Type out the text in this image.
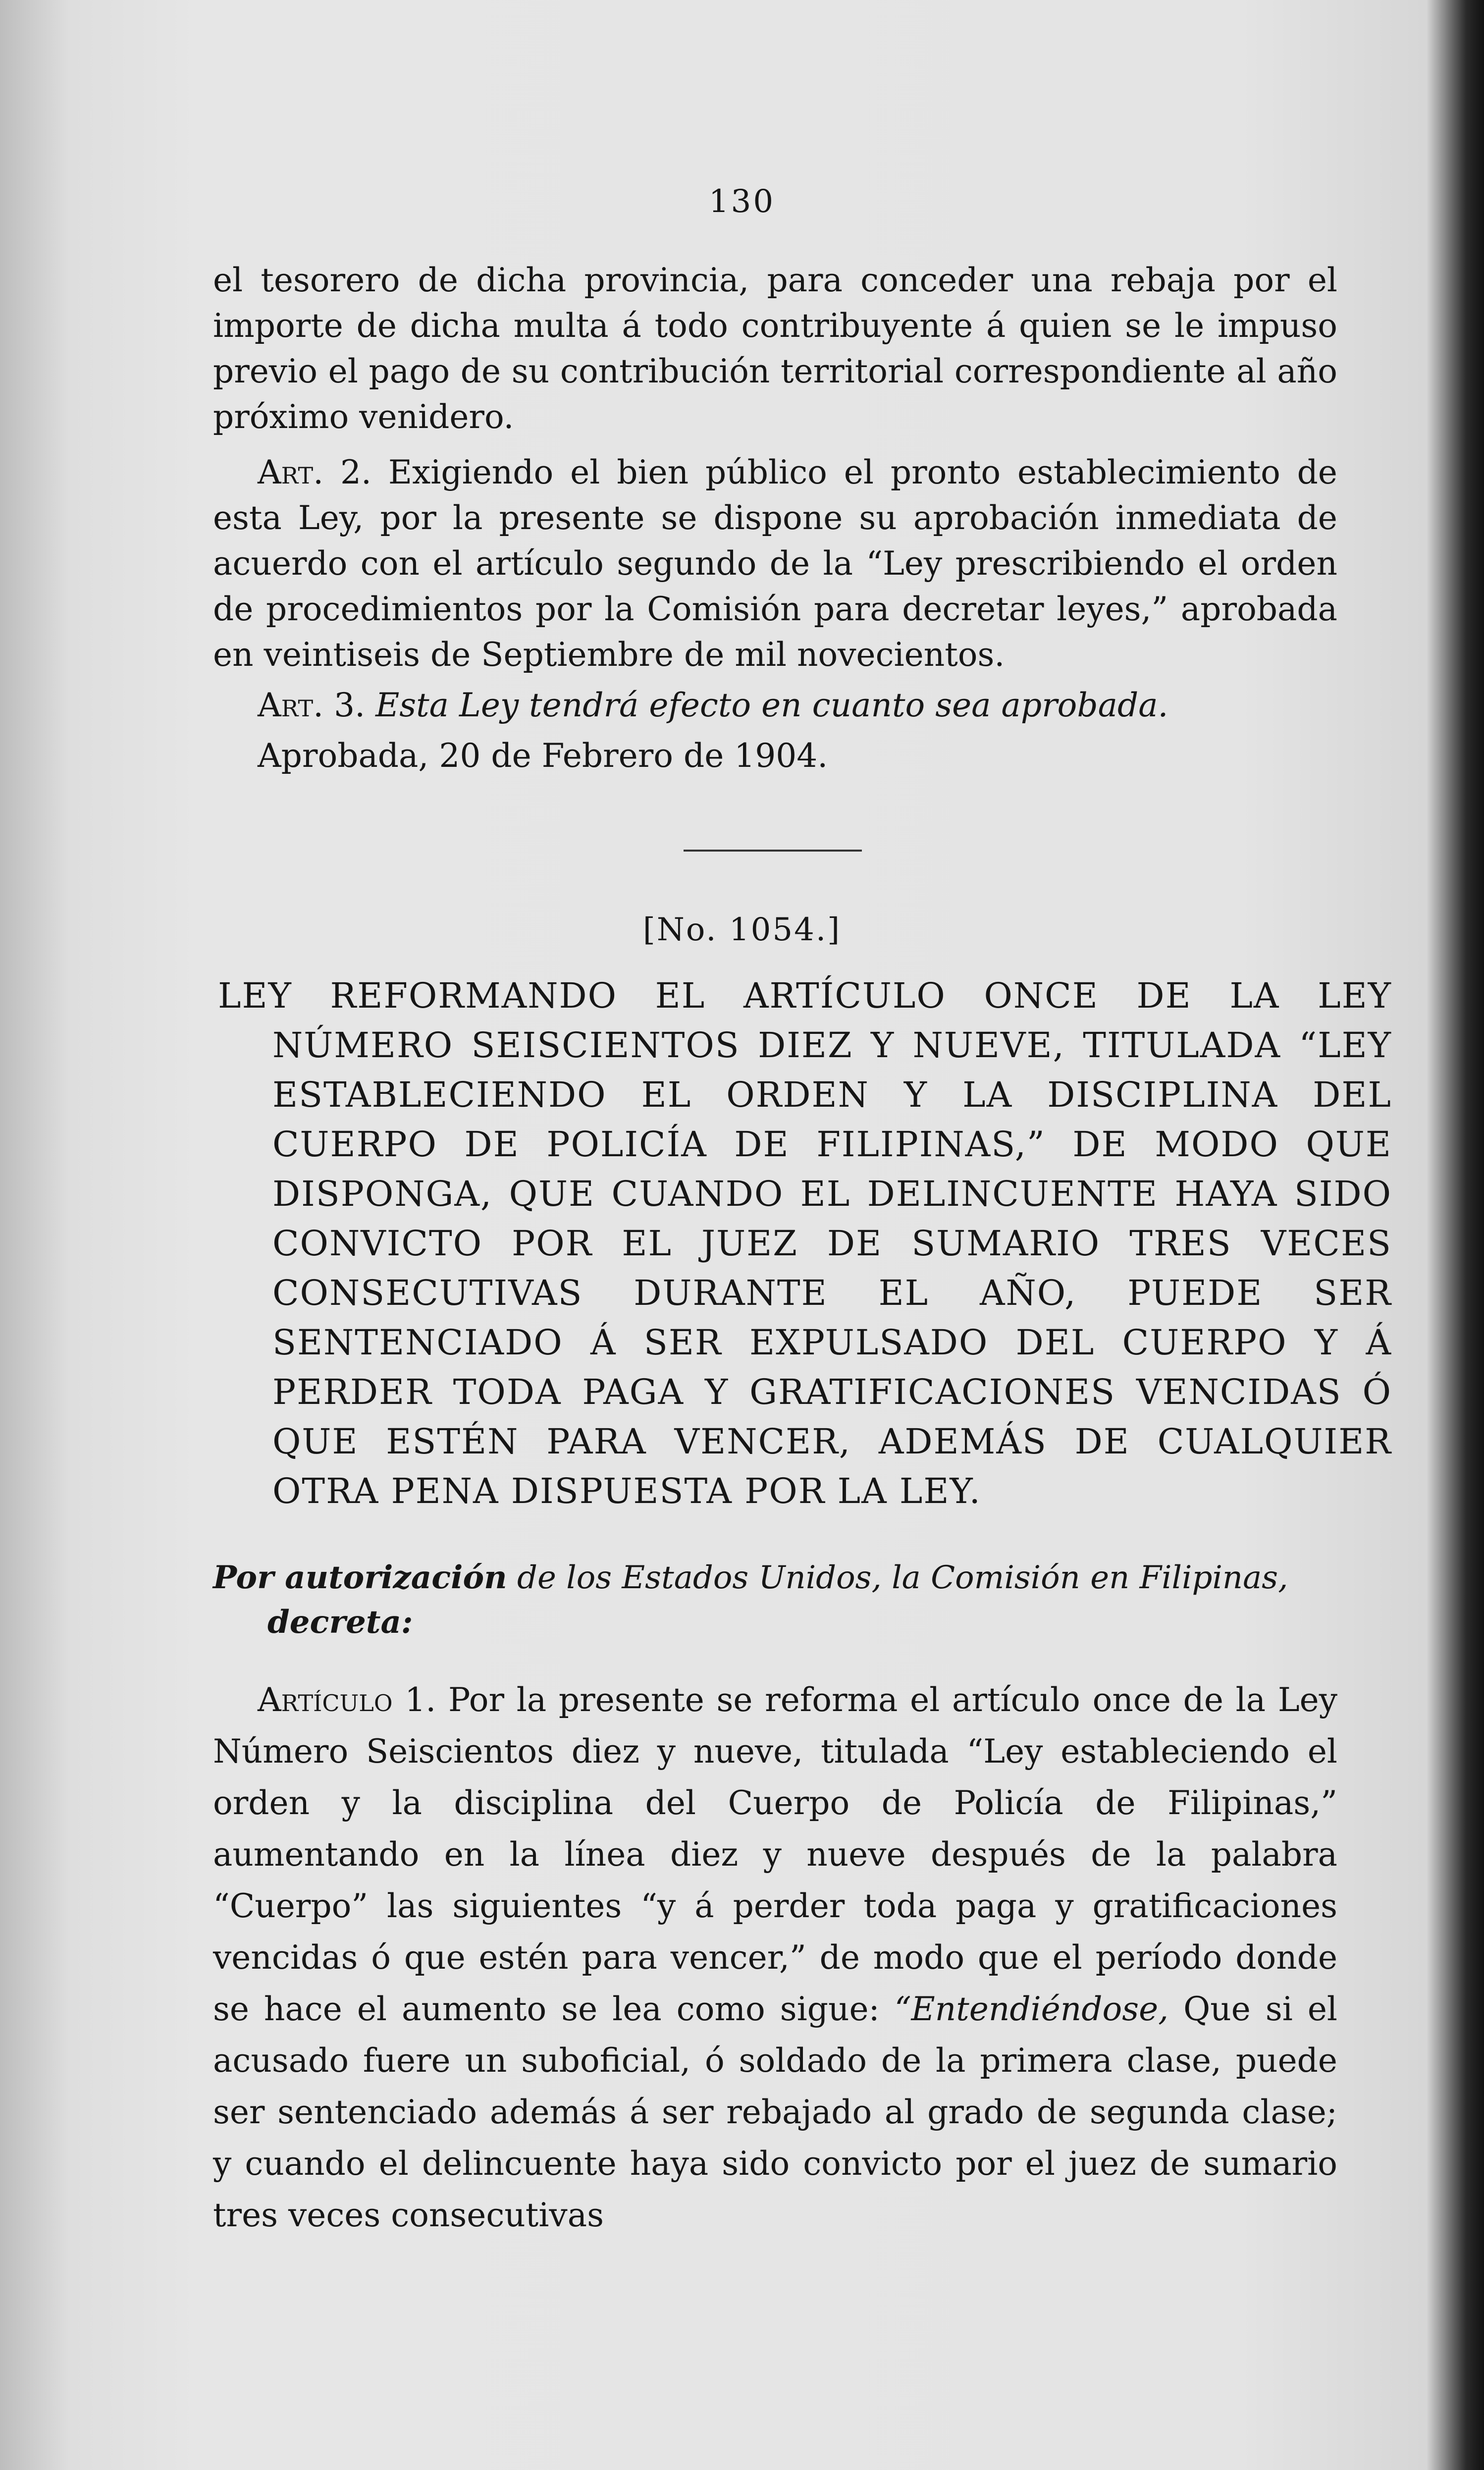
130

el tesorero de dicha provincia, para conceder una rebaja por el importe de dicha multa á todo contribuyente á quien se le impuso previo el pago de su contribución territorial correspondiente al año próximo venidero.

Art. 2. Exigiendo el bien público el pronto establecimiento de esta Ley, por la presente se dispone su aprobación inmediata de acuerdo con el artículo segundo de la “Ley prescribiendo el orden de procedimientos por la Comisión para decretar leyes,” aprobada en veintiseis de Septiembre de mil novecientos.

Art. 3. Esta Ley tendrá efecto en cuanto sea aprobada.

Aprobada, 20 de Febrero de 1904.

[No. 1054.]
LEY REFORMANDO EL ARTÍCULO ONCE DE LA LEY NÚMERO SEISCIENTOS DIEZ Y NUEVE, TITULADA “LEY ESTABLECIENDO EL ORDEN Y LA DISCIPLINA DEL CUERPO DE POLICÍA DE FILIPINAS,” DE MODO QUE DISPONGA, QUE CUANDO EL DELINCUENTE HAYA SIDO CONVICTO POR EL JUEZ DE SUMARIO TRES VECES CONSECUTIVAS DURANTE EL AÑO, PUEDE SER SENTENCIADO Á SER EXPULSADO DEL CUERPO Y Á PERDER TODA PAGA Y GRATIFICACIONES VENCIDAS Ó QUE ESTÉN PARA VENCER, ADEMÁS DE CUALQUIER OTRA PENA DISPUESTA POR LA LEY.
Por autorización de los Estados Unidos, la Comisión en Filipinas,
decreta:
Artículo 1. Por la presente se reforma el artículo once de la Ley Número Seiscientos diez y nueve, titulada “Ley estableciendo el orden y la disciplina del Cuerpo de Policía de Filipinas,” aumentando en la línea diez y nueve después de la palabra “Cuerpo” las siguientes “y á perder toda paga y gratificaciones vencidas ó que estén para vencer,” de modo que el período donde se hace el aumento se lea como sigue: “Entendiéndose, Que si el acusado fuere un suboficial, ó soldado de la primera clase, puede ser sentenciado además á ser rebajado al grado de segunda clase; y cuando el delincuente haya sido convicto por el juez de sumario tres veces consecutivas
